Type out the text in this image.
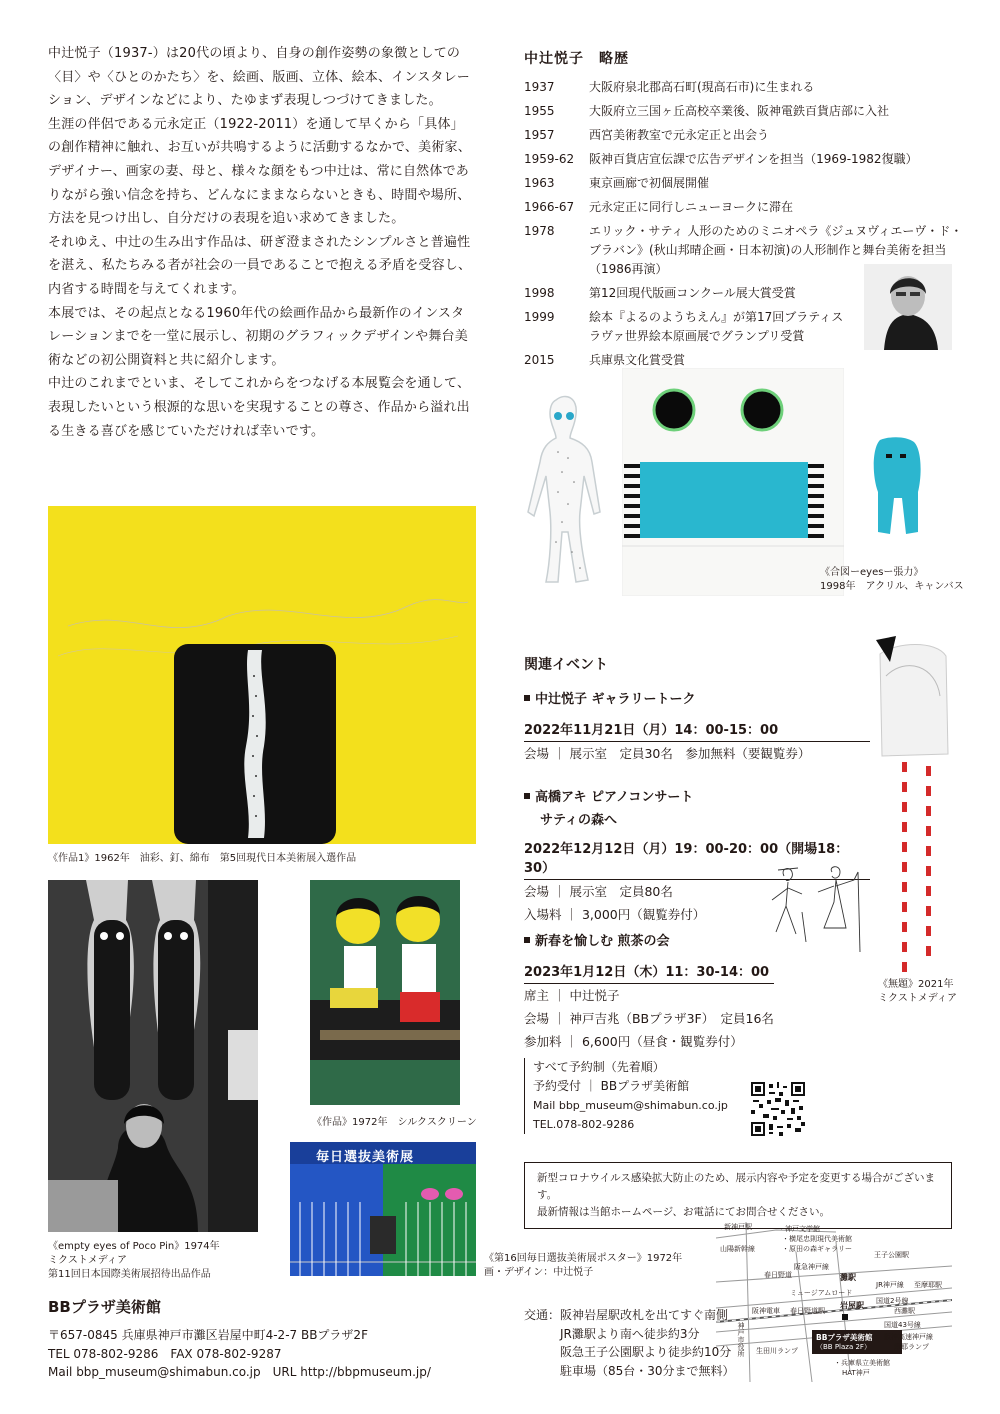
中辻悦子（1937-）は20代の頃より、自身の創作姿勢の象徴としての〈目〉や〈ひとのかたち〉を、絵画、版画、立体、絵本、インスタレーション、デザインなどにより、たゆまず表現しつづけてきました。

生涯の伴侶である元永定正（1922-2011）を通して早くから「具体」の創作精神に触れ、お互いが共鳴するように活動するなかで、美術家、デザイナー、画家の妻、母と、様々な顔をもつ中辻は、常に自然体でありながら強い信念を持ち、どんなにままならないときも、時間や場所、方法を見つけ出し、自分だけの表現を追い求めてきました。

それゆえ、中辻の生み出す作品は、研ぎ澄まされたシンプルさと普遍性を湛え、私たちみる者が社会の一員であることで抱える矛盾を受容し、内省する時間を与えてくれます。

本展では、その起点となる1960年代の絵画作品から最新作のインスタレーションまでを一堂に展示し、初期のグラフィックデザインや舞台美術などの初公開資料と共に紹介します。

中辻のこれまでといま、そしてこれからをつなげる本展覧会を通して、表現したいという根源的な思いを実現することの尊さ、作品から溢れ出る生きる喜びを感じていただければ幸いです。

中辻悦子　略歴
1937	大阪府泉北郡高石町(現高石市)に生まれる
1955	大阪府立三国ヶ丘高校卒業後、阪神電鉄百貨店部に入社
1957	西宮美術教室で元永定正と出会う
1959-62	阪神百貨店宣伝課で広告デザインを担当（1969-1982復職）
1963	東京画廊で初個展開催
1966-67	元永定正に同行しニューヨークに滞在
1978	エリック・サティ 人形のためのミニオペラ《ジュヌヴィエーヴ・ド・ブラバン》(秋山邦晴企画・日本初演)の人形制作と舞台美術を担当（1986再演）
1998	第12回現代版画コンクール展大賞受賞
1999	絵本『よるのようちえん』が第17回ブラティスラヴァ世界絵本原画展でグランプリ受賞
2015	兵庫県文化賞受賞
《合図ーeyesー張力》
1998年　アクリル、キャンバス
《作品1》1962年　油彩、釘、綿布　第5回現代日本美術展入選作品
関連イベント
中辻悦子 ギャラリートーク
2022年11月21日（月）14：00-15：00
会場 ｜ 展示室　定員30名　参加無料（要観覧券）
高橋アキ ピアノコンサート
サティの森へ
2022年12月12日（月）19：00-20：00（開場18：30）
会場 ｜ 展示室　定員80名
入場料 ｜ 3,000円（観覧券付）
新春を愉しむ 煎茶の会
2023年1月12日（木）11：30-14：00
席主 ｜ 中辻悦子
会場 ｜ 神戸吉兆（BBプラザ3F）　定員16名
参加料 ｜ 6,600円（昼食・観覧券付）
すべて予約制（先着順）
予約受付 ｜ BBプラザ美術館
Mail bbp_museum@shimabun.co.jp
TEL.078-802-9286
《無題》2021年
ミクストメディア
《empty eyes of Poco Pin》1974年
ミクストメディア
第11回日本国際美術展招待出品作品
《作品》1972年　シルクスクリーン
毎日選抜美術展
《第16回毎日選抜美術展ポスター》1972年
画・デザイン：中辻悦子
新型コロナウイルス感染拡大防止のため、展示内容や予定を変更する場合がございます。
最新情報は当館ホームページ、お電話にてお問合せください。
BBプラザ美術館
〒657-0845 兵庫県神戸市灘区岩屋中町4-2-7 BBプラザ2F
TEL 078-802-9286　FAX 078-802-9287
Mail bbp_museum@shimabun.co.jp　URL http://bbpmuseum.jp/
交通： 阪神岩屋駅改札を出てすぐ南側
JR灘駅より南へ徒歩約3分
阪急王子公園駅より徒歩約10分
駐車場（85台・30分まで無料）
新神戸駅	・神戸文学館
・横尾忠則現代美術館
・原田の森ギャラリー
王子公園駅
山陽新幹線
阪急神戸線
春日野道	灘駅
JR神戸線 至摩耶駅
ミュージアムロード
国道2号線
阪神電車 春日野道駅
岩屋駅
西灘駅
国道43号線
阪神高速神戸線
摩耶ランプ
生田川ランプ
BBプラザ美術館
（BB Plaza 2F）
・兵庫県立美術館
HAT神戸
神戸市役所
